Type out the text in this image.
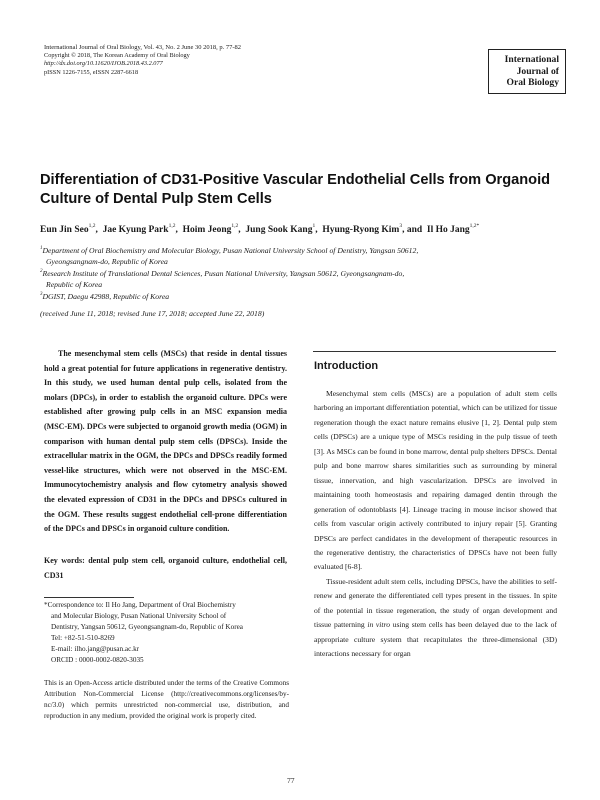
International Journal of Oral Biology, Vol. 43, No. 2 June 30 2018, p. 77-82
Copyright © 2018, The Korean Academy of Oral Biology
http://dx.doi.org/10.11620/IJOB.2018.43.2.077
pISSN 1226-7155, eISSN 2287-6618
International
Journal of
Oral Biology
Differentiation of CD31-Positive Vascular Endothelial Cells from Organoid Culture of Dental Pulp Stem Cells
Eun Jin Seo$^{1,2}$,  Jae Kyung Park$^{1,2}$,  Hoim Jeong$^{1,2}$,  Jung Sook Kang$^1$,  Hyung-Ryong Kim$^3$, and  Il Ho Jang$^{1,2*}$

$^1$Department of Oral Biochemistry and Molecular Biology, Pusan National University School of Dentistry, Yangsan 50612,
Gyeongsangnam-do, Republic of Korea

$^2$Research Institute of Translational Dental Sciences, Pusan National University, Yangsan 50612, Gyeongsangnam-do,
Republic of Korea

$^3$DGIST, Daegu 42988, Republic of Korea

(received June 11, 2018; revised June 17, 2018; accepted June 22, 2018)
The mesenchymal stem cells (MSCs) that reside in dental tissues hold a great potential for future applications in regenerative dentistry. In this study, we used human dental pulp cells, isolated from the molars (DPCs), in order to establish the organoid culture. DPCs were established after growing pulp cells in an MSC expansion media (MSC-EM). DPCs were subjected to organoid growth media (OGM) in comparison with human dental pulp stem cells (DPSCs). Inside the extracellular matrix in the OGM, the DPCs and DPSCs readily formed vessel-like structures, which were not observed in the MSC-EM. Immunocytochemistry analysis and flow cytometry analysis showed the elevated expression of CD31 in the DPCs and DPSCs cultured in the OGM. These results suggest endothelial cell-prone differentiation of the DPCs and DPSCs in organoid culture condition.
Key words: dental pulp stem cell, organoid culture, endothelial cell, CD31
*Correspondence to: Il Ho Jang, Department of Oral Biochemistry

and Molecular Biology, Pusan National University School of
Dentistry, Yangsan 50612, Gyeongsangnam-do, Republic of Korea
Tel: +82-51-510-8269
E-mail: ilho.jang@pusan.ac.kr
ORCID : 0000-0002-0820-3035
This is an Open-Access article distributed under the terms of the Creative Commons Attribution Non-Commercial License (http://creativecommons.org/licenses/by-nc/3.0) which permits unrestricted non-commercial use, distribution, and reproduction in any medium, provided the original work is properly cited.
Introduction

Mesenchymal stem cells (MSCs) are a population of adult stem cells harboring an important differentiation potential, which can be utilized for tissue regeneration though the exact nature remains elusive [1, 2]. Dental pulp stem cells (DPSCs) are a unique type of MSCs residing in the pulp tissue of teeth [3]. As MSCs can be found in bone marrow, dental pulp shelters DPSCs. Dental pulp and bone marrow shares similarities such as surrounding by mineral tissue, innervation, and high vascularization. DPSCs are involved in maintaining tooth homeostasis and repairing damaged dentin through the generation of odontoblasts [4]. Lineage tracing in mouse incisor showed that cells from vascular origin actively contributed to injury repair [5]. Granting DPSCs are perfect candidates in the development of therapeutic resources in the regenerative dentistry, the characteristics of DPSCs have not been fully evaluated [6-8].

Tissue-resident adult stem cells, including DPSCs, have the abilities to self-renew and generate the differentiated cell types present in the tissues. In spite of the potential in tissue regeneration, the study of organ development and tissue patterning in vitro using stem cells has been delayed due to the lack of appropriate culture system that recapitulates the three-dimensional (3D) interactions necessary for organ

77
